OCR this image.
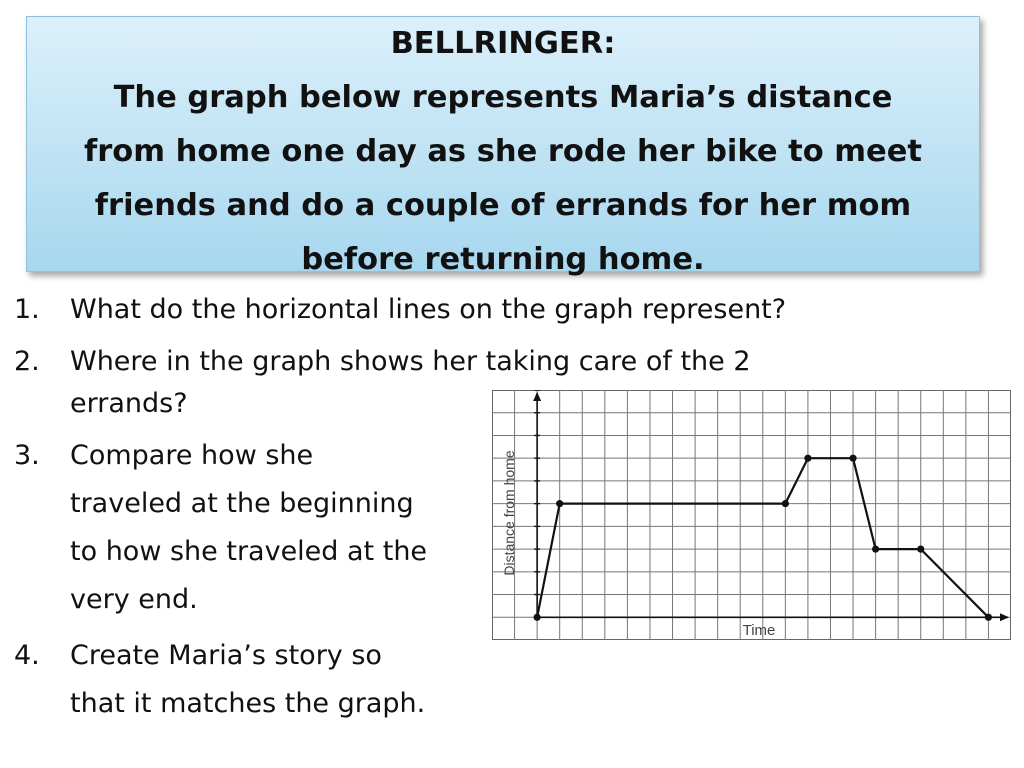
BELLRINGER:
The graph below represents Maria’s distance
from home one day as she rode her bike to meet
friends and do a couple of errands for her mom
before returning home.
1. What do the horizontal lines on the graph represent?
2. Where in the graph shows her taking care of the 2
errands?
3. Compare how she
traveled at the beginning
to how she traveled at the
very end.
4. Create Maria’s story so
that it matches the graph.
Time
Distance from home
